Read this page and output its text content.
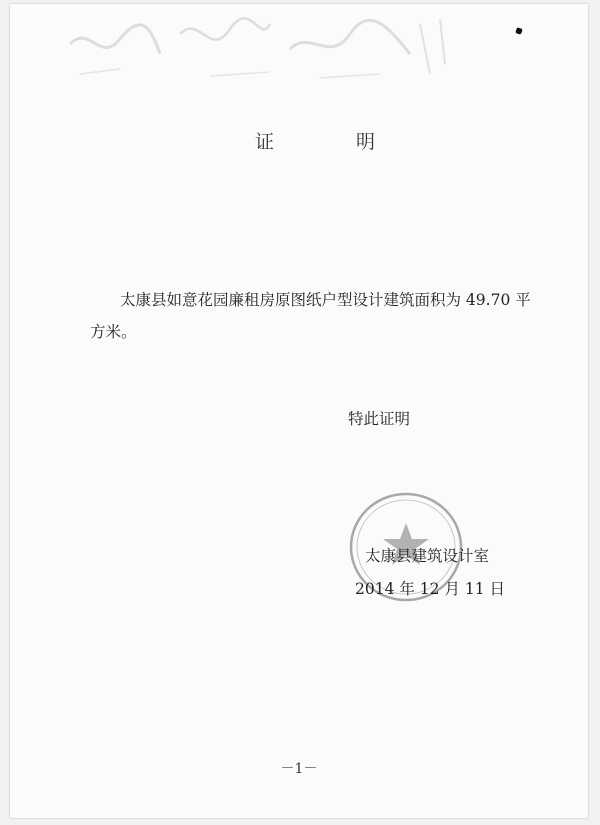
证 明

太康县如意花园廉租房原图纸户型设计建筑面积为 49.70 平方米。

特此证明
太康县建筑设计室
2014 年 12 月 11 日
－1－
